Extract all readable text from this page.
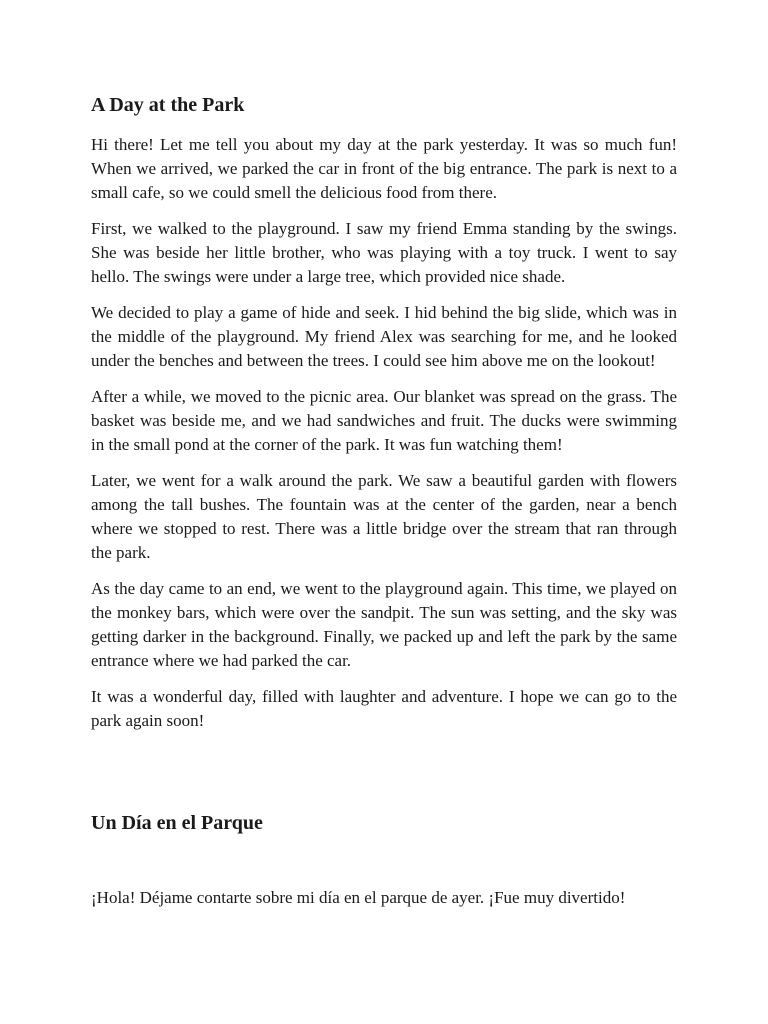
A Day at the Park

Hi there! Let me tell you about my day at the park yesterday. It was so much fun! When we arrived, we parked the car in front of the big entrance. The park is next to a small cafe, so we could smell the delicious food from there.

First, we walked to the playground. I saw my friend Emma standing by the swings. She was beside her little brother, who was playing with a toy truck. I went to say hello. The swings were under a large tree, which provided nice shade.

We decided to play a game of hide and seek. I hid behind the big slide, which was in the middle of the playground. My friend Alex was searching for me, and he looked under the benches and between the trees. I could see him above me on the lookout!

After a while, we moved to the picnic area. Our blanket was spread on the grass. The basket was beside me, and we had sandwiches and fruit. The ducks were swimming in the small pond at the corner of the park. It was fun watching them!

Later, we went for a walk around the park. We saw a beautiful garden with flowers among the tall bushes. The fountain was at the center of the garden, near a bench where we stopped to rest. There was a little bridge over the stream that ran through the park.

As the day came to an end, we went to the playground again. This time, we played on the monkey bars, which were over the sandpit. The sun was setting, and the sky was getting darker in the background. Finally, we packed up and left the park by the same entrance where we had parked the car.

It was a wonderful day, filled with laughter and adventure. I hope we can go to the park again soon!

Un Día en el Parque

¡Hola! Déjame contarte sobre mi día en el parque de ayer. ¡Fue muy divertido!
